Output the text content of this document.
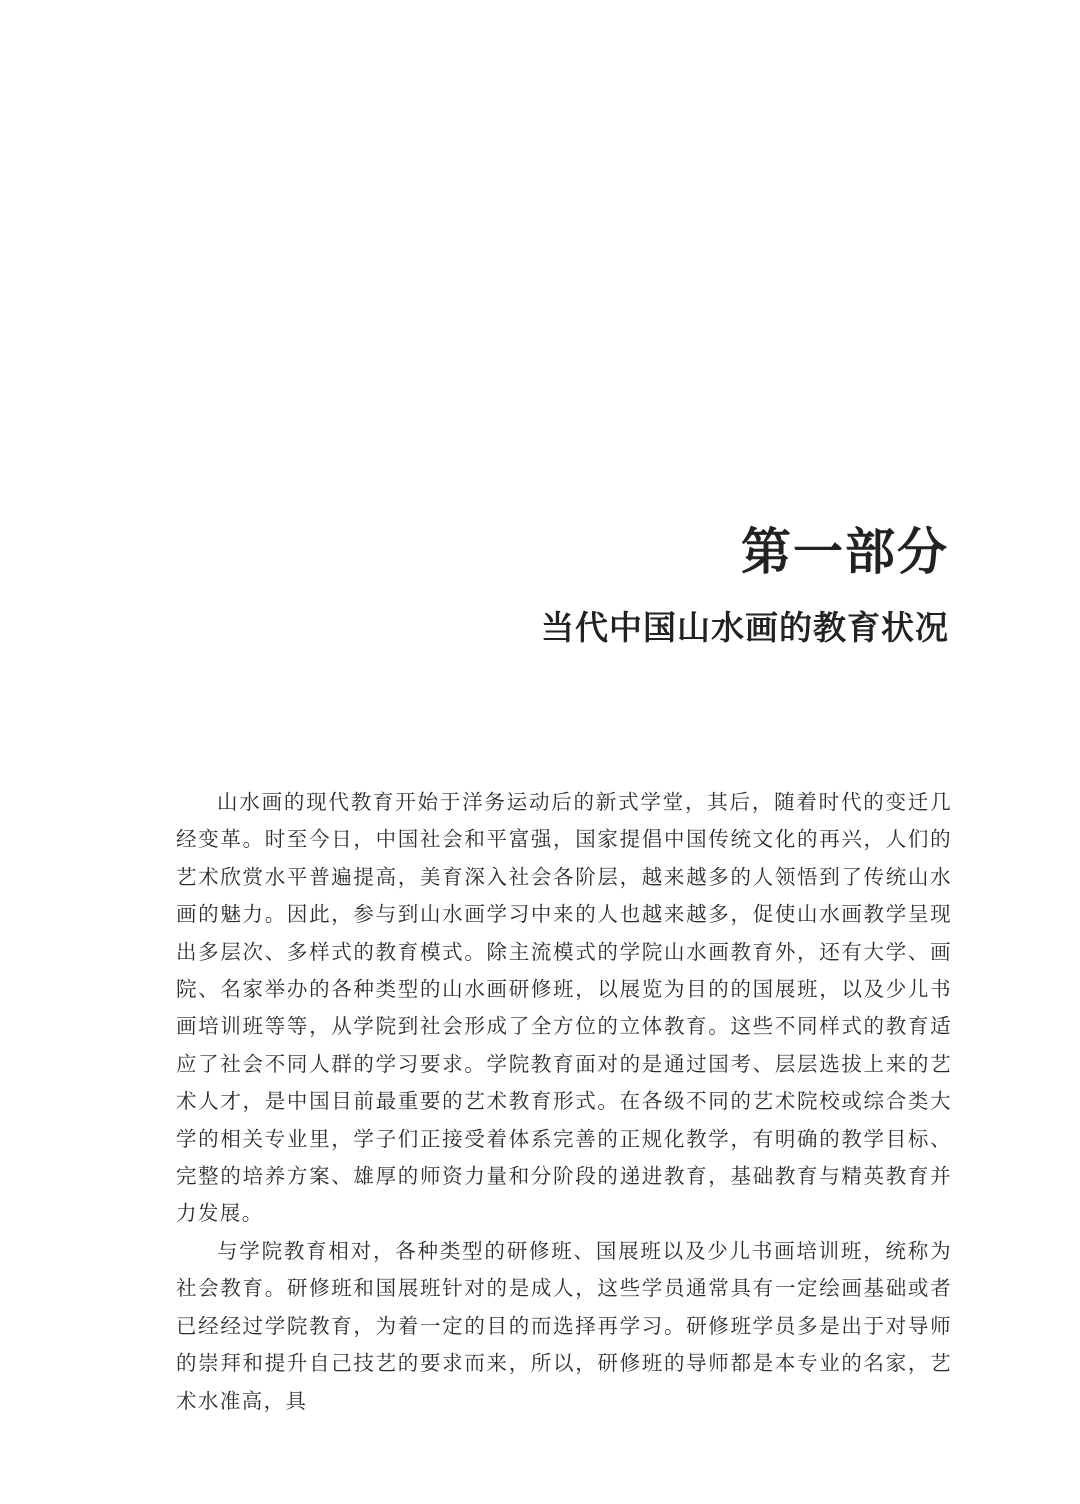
第一部分
当代中国山水画的教育状况

山水画的现代教育开始于洋务运动后的新式学堂，其后，随着时代的变迁几经变革。时至今日，中国社会和平富强，国家提倡中国传统文化的再兴，人们的艺术欣赏水平普遍提高，美育深入社会各阶层，越来越多的人领悟到了传统山水画的魅力。因此，参与到山水画学习中来的人也越来越多，促使山水画教学呈现出多层次、多样式的教育模式。除主流模式的学院山水画教育外，还有大学、画院、名家举办的各种类型的山水画研修班，以展览为目的的国展班，以及少儿书画培训班等等，从学院到社会形成了全方位的立体教育。这些不同样式的教育适应了社会不同人群的学习要求。学院教育面对的是通过国考、层层选拔上来的艺术人才，是中国目前最重要的艺术教育形式。在各级不同的艺术院校或综合类大学的相关专业里，学子们正接受着体系完善的正规化教学，有明确的教学目标、完整的培养方案、雄厚的师资力量和分阶段的递进教育，基础教育与精英教育并力发展。

与学院教育相对，各种类型的研修班、国展班以及少儿书画培训班，统称为社会教育。研修班和国展班针对的是成人，这些学员通常具有一定绘画基础或者已经经过学院教育，为着一定的目的而选择再学习。研修班学员多是出于对导师的崇拜和提升自己技艺的要求而来，所以，研修班的导师都是本专业的名家，艺术水准高，具
